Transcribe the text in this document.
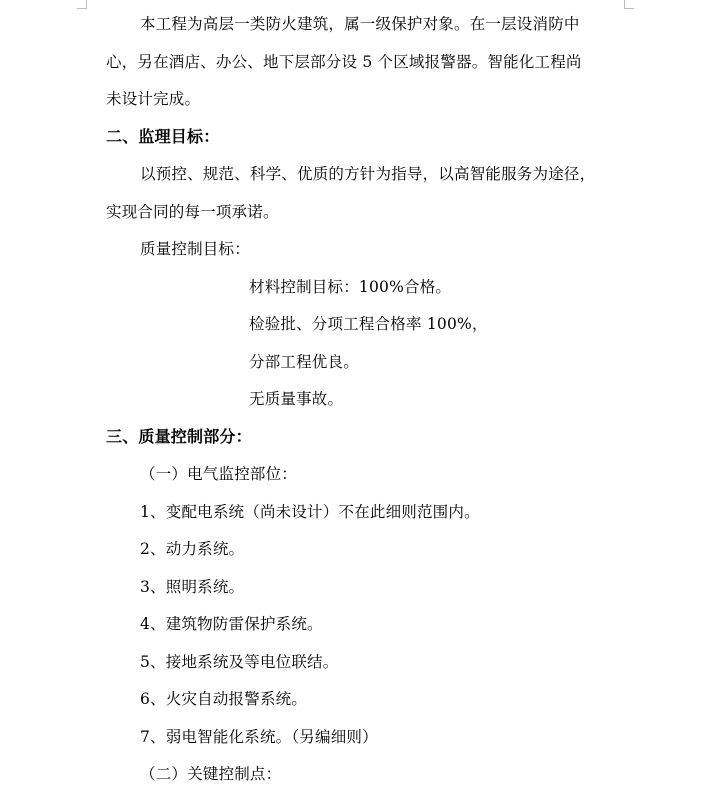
本工程为高层一类防火建筑，属一级保护对象。在一层设消防中
心，另在酒店、办公、地下层部分设 5 个区域报警器。智能化工程尚
未设计完成。
二、监理目标：
以预控、规范、科学、优质的方针为指导，以高智能服务为途径，
实现合同的每一项承诺。
质量控制目标：
材料控制目标：100%合格。
检验批、分项工程合格率 100%，
分部工程优良。
无质量事故。
三、质量控制部分：
（一）电气监控部位：
1、变配电系统（尚未设计）不在此细则范围内。
2、动力系统。
3、照明系统。
4、建筑物防雷保护系统。
5、接地系统及等电位联结。
6、火灾自动报警系统。
7、弱电智能化系统。（另编细则）
（二）关键控制点：
